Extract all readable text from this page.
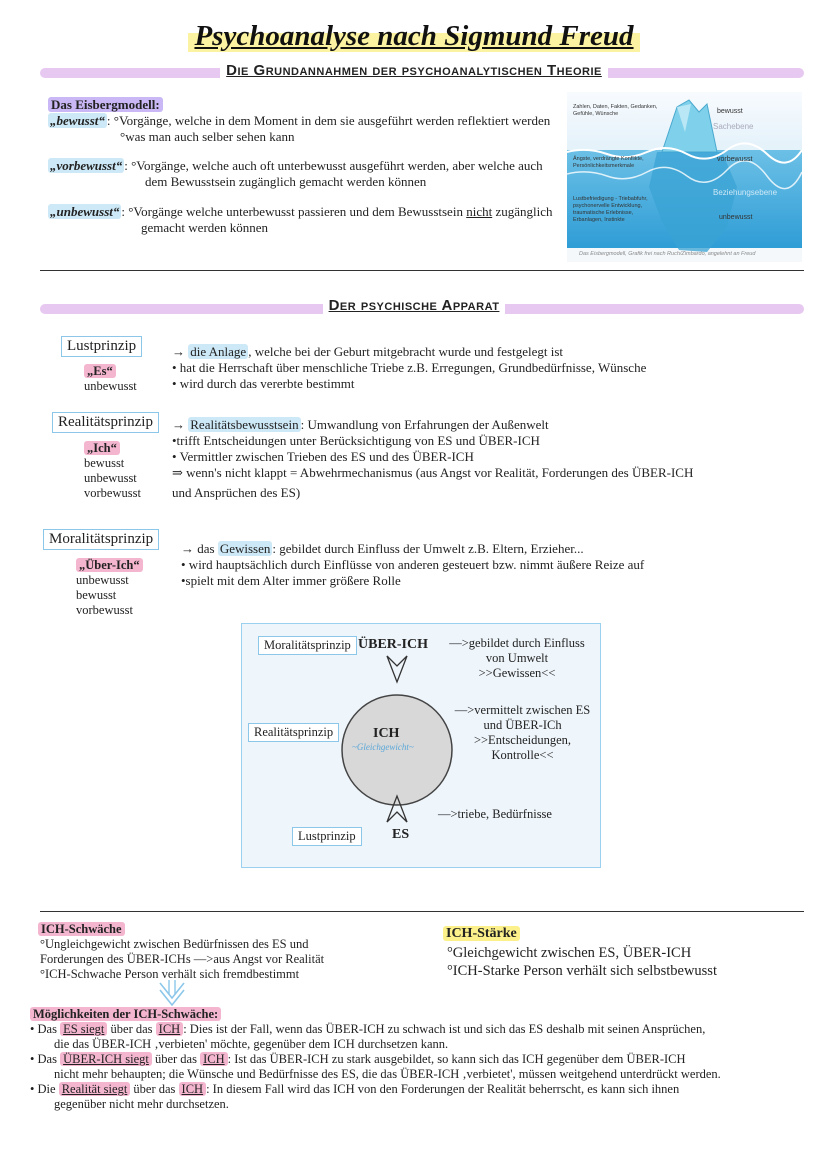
Psychoanalyse nach Sigmund Freud
Die Grundannahmen der psychoanalytischen Theorie
Das Eisbergmodell:
„bewusst“ : °Vorgänge, welche in dem Moment in dem sie ausgeführt werden reflektiert werden
°was man auch selber sehen kann
„vorbewusst“ : °Vorgänge, welche auch oft unterbewusst ausgeführt werden, aber welche auch
dem Bewusstsein zugänglich gemacht werden können
„unbewusst“ : °Vorgänge welche unterbewusst passieren und dem Bewusstsein nicht zugänglich
gemacht werden können
Zahlen, Daten, Fakten, Gedanken, Gefühle, Wünsche	bewusst
Sachebene
Ängste, verdrängte Konflikte, Persönlichkeitsmerkmale
vorbewusst
Beziehungsebene
Lustbefriedigung - Triebabfuhr, psychonervelle Entwicklung, traumatische Erlebnisse, Erbanlagen, Instinkte	unbewusst
Das Eisbergmodell, Grafik frei nach Ruch/Zimbardo, angelehnt an Freud
Der psychische Apparat
Lustprinzip
„Es“
unbewusst
→ die Anlage , welche bei der Geburt mitgebracht wurde und festgelegt ist
• hat die Herrschaft über menschliche Triebe z.B. Erregungen, Grundbedürfnisse, Wünsche
• wird durch das vererbte bestimmt
Realitätsprinzip
„Ich“
bewusst
unbewusst
vorbewusst
→ Realitätsbewusstsein : Umwandlung von Erfahrungen der Außenwelt
•trifft Entscheidungen unter Berücksichtigung von ES und ÜBER-ICH
• Vermittler zwischen Trieben des ES und des ÜBER-ICH
⇒ wenn's nicht klappt = Abwehrmechanismus (aus Angst vor Realität, Forderungen des ÜBER-ICH
und Ansprüchen des ES)
Moralitätsprinzip
„Über-Ich“
unbewusst
bewusst
vorbewusst
→ das Gewissen : gebildet durch Einfluss der Umwelt z.B. Eltern, Erzieher...
• wird hauptsächlich durch Einflüsse von anderen gesteuert bzw. nimmt äußere Reize auf
•spielt mit dem Alter immer größere Rolle
Moralitätsprinzip ÜBER-ICH	—>gebildet durch Einfluss
von Umwelt
>>Gewissen<<
Realitätsprinzip	ICH
~Gleichgewicht~
—>vermittelt zwischen ES
und ÜBER-ICh
>>Entscheidungen,
Kontrolle<<
Lustprinzip	ES
—>triebe, Bedürfnisse
ICH-Schwäche
°Ungleichgewicht zwischen Bedürfnissen des ES und
Forderungen des ÜBER-ICHs —>aus Angst vor Realität
°ICH-Schwache Person verhält sich fremdbestimmt
ICH-Stärke
°Gleichgewicht zwischen ES, ÜBER-ICH
°ICH-Starke Person verhält sich selbstbewusst
Möglichkeiten der ICH-Schwäche:
• Das ES siegt über das ICH : Dies ist der Fall, wenn das ÜBER-ICH zu schwach ist und sich das ES deshalb mit seinen Ansprüchen,
die das ÜBER-ICH ‚verbieten' möchte, gegenüber dem ICH durchsetzen kann.
• Das ÜBER-ICH siegt über das ICH : Ist das ÜBER-ICH zu stark ausgebildet, so kann sich das ICH gegenüber dem ÜBER-ICH
nicht mehr behaupten; die Wünsche und Bedürfnisse des ES, die das ÜBER-ICH ‚verbietet', müssen weitgehend unterdrückt werden.
• Die Realität siegt über das ICH : In diesem Fall wird das ICH von den Forderungen der Realität beherrscht, es kann sich ihnen
gegenüber nicht mehr durchsetzen.
